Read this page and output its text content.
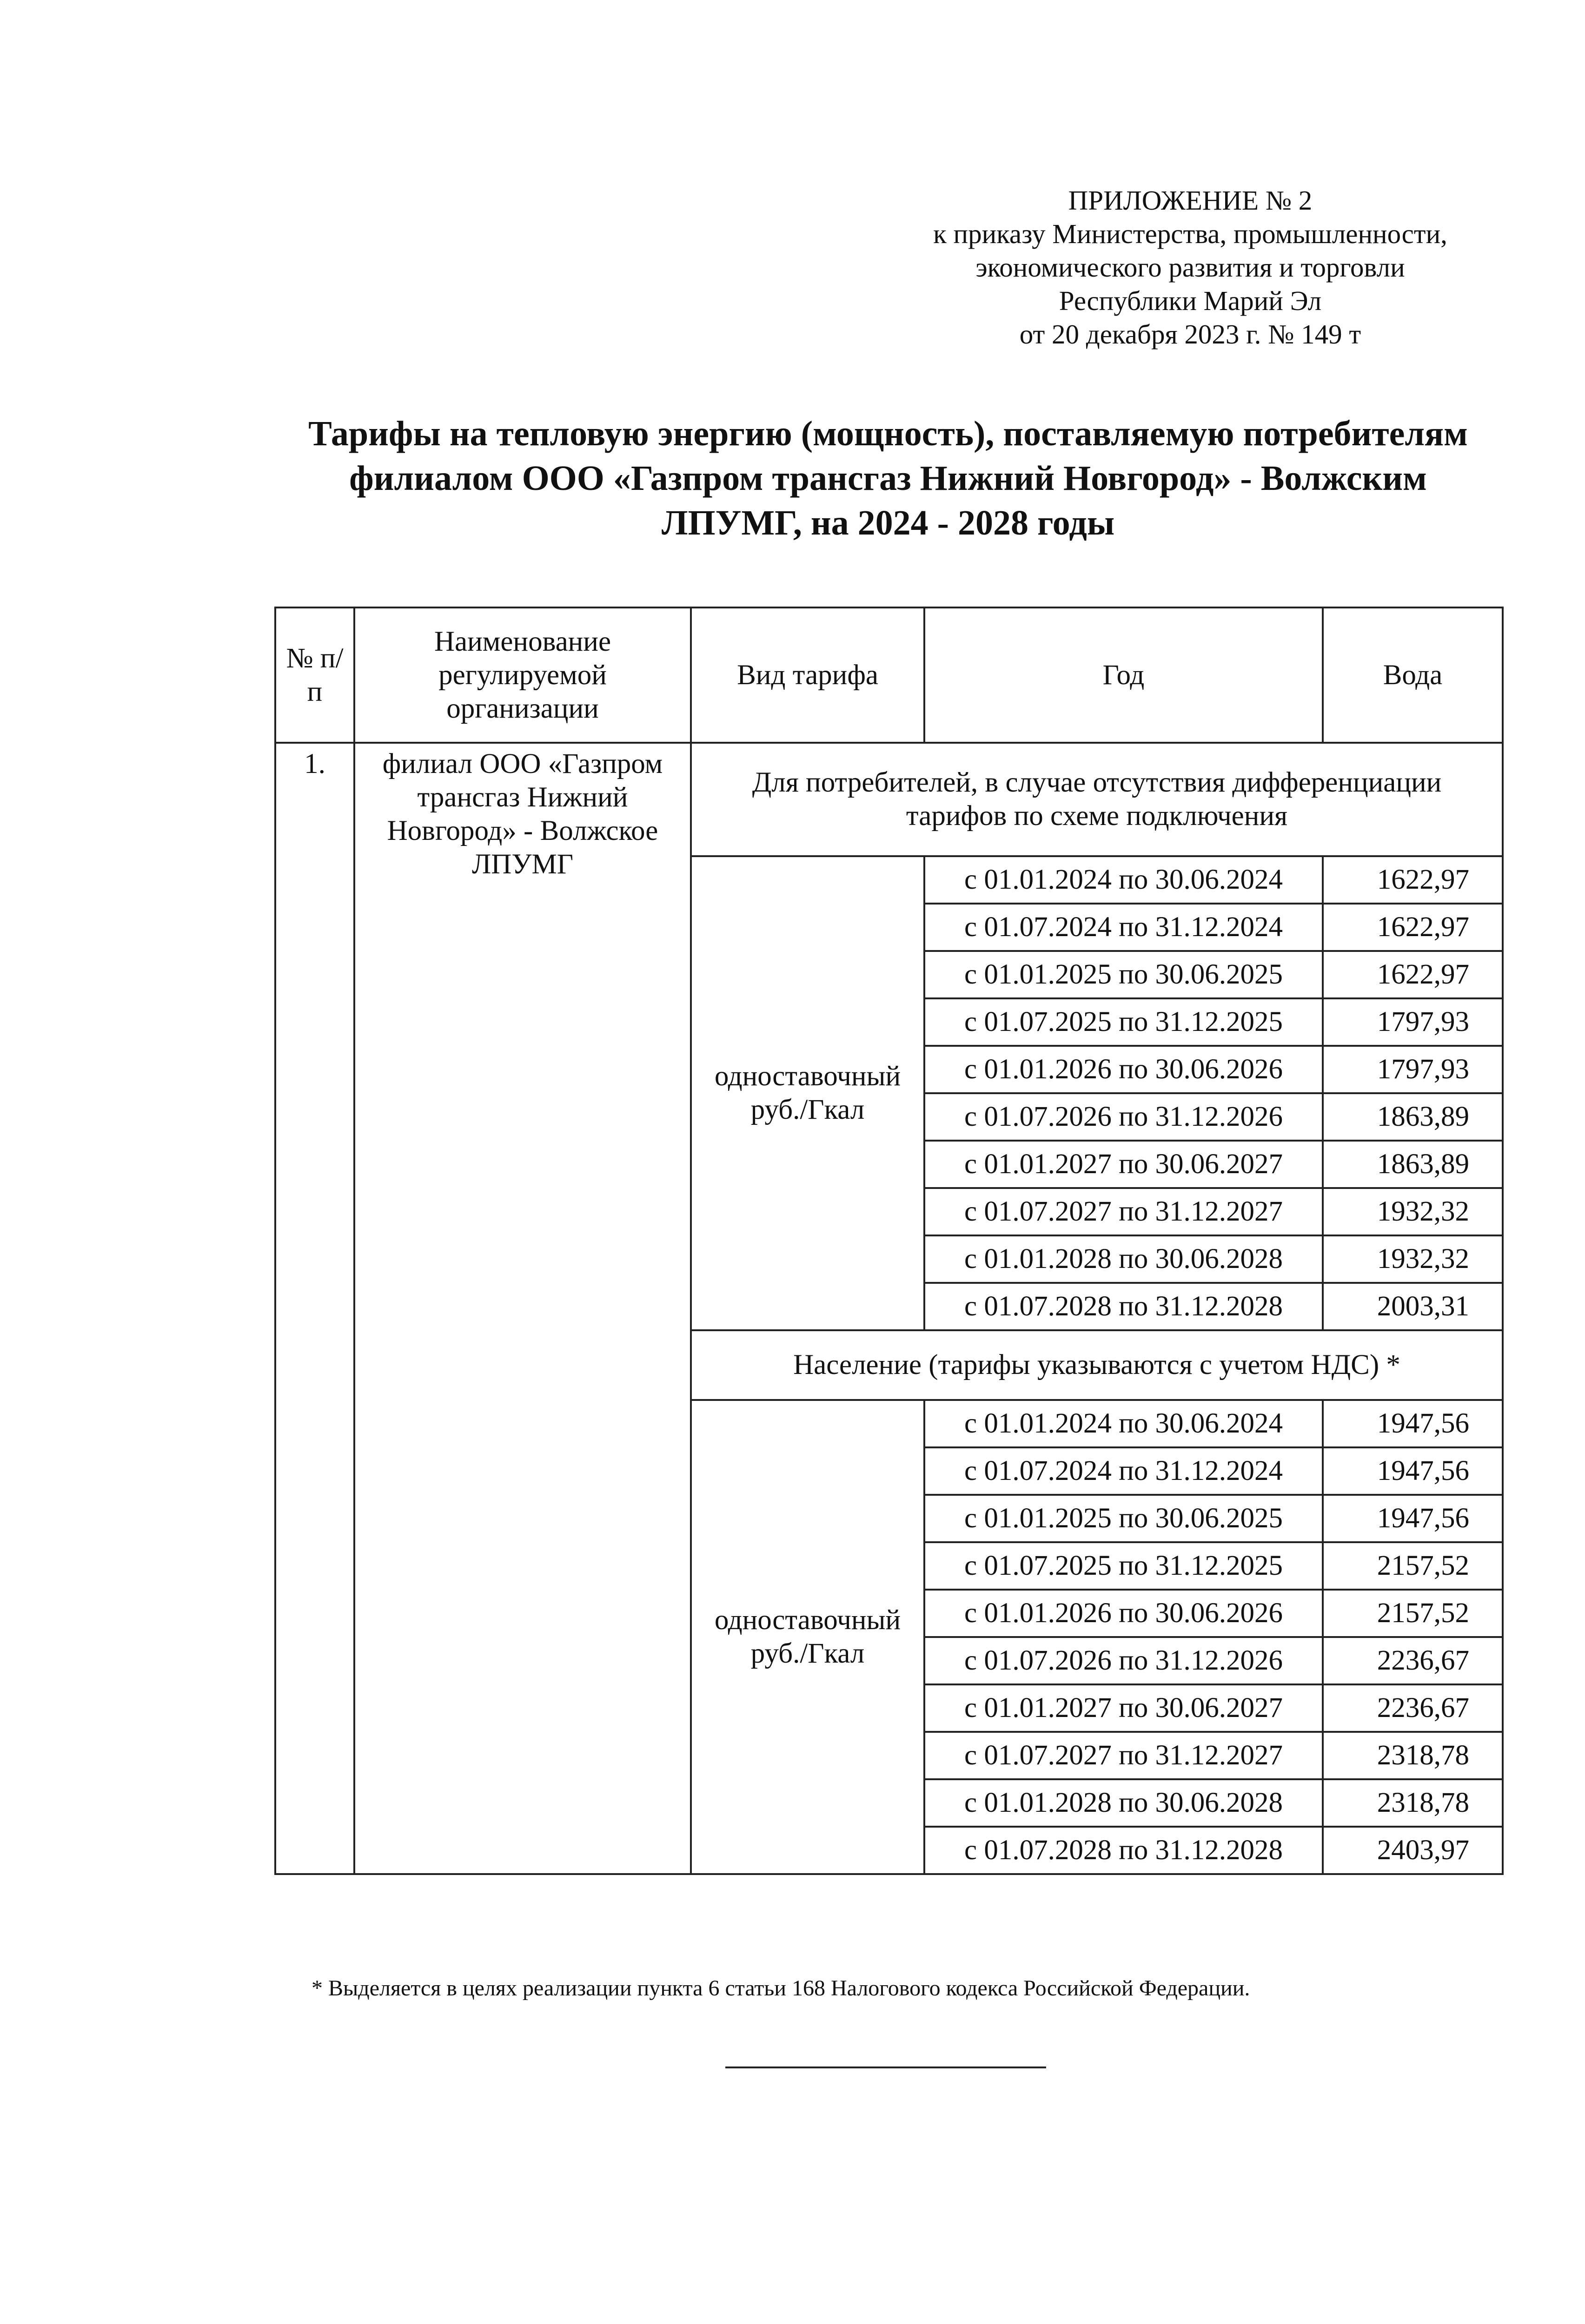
ПРИЛОЖЕНИЕ № 2
к приказу Министерства, промышленности,
экономического развития и торговли
Республики Марий Эл
от 20 декабря 2023 г. № 149 т
Тарифы на тепловую энергию (мощность), поставляемую потребителям
филиалом ООО «Газпром трансгаз Нижний Новгород» - Волжским
ЛПУМГ, на 2024 - 2028 годы
№ п/п	Наименование регулируемой организации	Вид тарифа	Год	Вода
1.	филиал ООО «Газпром трансгаз Нижний Новгород» - Волжское ЛПУМГ	Для потребителей, в случае отсутствия дифференциации тарифов по схеме подключения		
		одноставочный руб./Гкал	с 01.01.2024 по 30.06.2024	1622,97
			с 01.07.2024 по 31.12.2024	1622,97
			с 01.01.2025 по 30.06.2025	1622,97
			с 01.07.2025 по 31.12.2025	1797,93
			с 01.01.2026 по 30.06.2026	1797,93
			с 01.07.2026 по 31.12.2026	1863,89
			с 01.01.2027 по 30.06.2027	1863,89
			с 01.07.2027 по 31.12.2027	1932,32
			с 01.01.2028 по 30.06.2028	1932,32
			с 01.07.2028 по 31.12.2028	2003,31
		Население (тарифы указываются с учетом НДС) *		
		одноставочный руб./Гкал	с 01.01.2024 по 30.06.2024	1947,56
			с 01.07.2024 по 31.12.2024	1947,56
			с 01.01.2025 по 30.06.2025	1947,56
			с 01.07.2025 по 31.12.2025	2157,52
			с 01.01.2026 по 30.06.2026	2157,52
			с 01.07.2026 по 31.12.2026	2236,67
			с 01.01.2027 по 30.06.2027	2236,67
			с 01.07.2027 по 31.12.2027	2318,78
			с 01.01.2028 по 30.06.2028	2318,78
			с 01.07.2028 по 31.12.2028	2403,97
* Выделяется в целях реализации пункта 6 статьи 168 Налогового кодекса Российской Федерации.
